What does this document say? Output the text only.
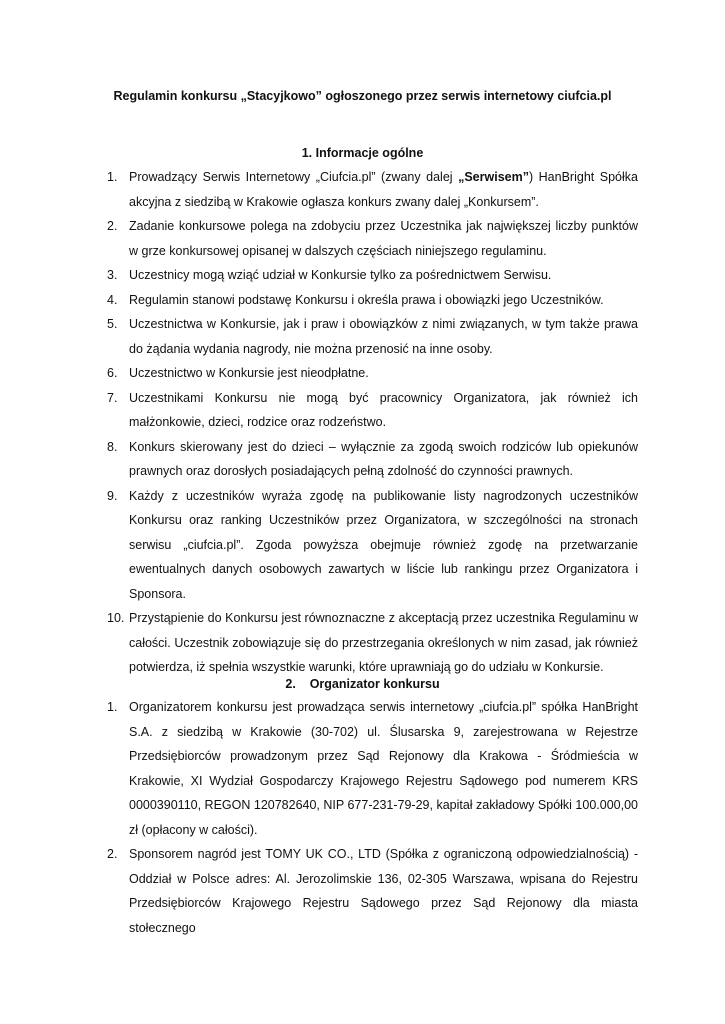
Regulamin konkursu „Stacyjkowo” ogłoszonego przez serwis internetowy ciufcia.pl
1. Informacje ogólne
1. Prowadzący Serwis Internetowy „Ciufcia.pl” (zwany dalej „Serwisem”) HanBright Spółka akcyjna z siedzibą w Krakowie ogłasza konkurs zwany dalej „Konkursem”.
2. Zadanie konkursowe polega na zdobyciu przez Uczestnika jak największej liczby punktów w grze konkursowej opisanej w dalszych częściach niniejszego regulaminu.
3. Uczestnicy mogą wziąć udział w Konkursie tylko za pośrednictwem Serwisu.
4. Regulamin stanowi podstawę Konkursu i określa prawa i obowiązki jego Uczestników.
5. Uczestnictwa w Konkursie, jak i praw i obowiązków z nimi związanych, w tym także prawa do żądania wydania nagrody, nie można przenosić na inne osoby.
6. Uczestnictwo w Konkursie jest nieodpłatne.
7. Uczestnikami Konkursu nie mogą być pracownicy Organizatora, jak również ich małżonkowie, dzieci, rodzice oraz rodzeństwo.
8. Konkurs skierowany jest do dzieci – wyłącznie za zgodą swoich rodziców lub opiekunów prawnych oraz dorosłych posiadających pełną zdolność do czynności prawnych.
9. Każdy z uczestników wyraża zgodę na publikowanie listy nagrodzonych uczestników Konkursu oraz ranking Uczestników przez Organizatora, w szczególności na stronach serwisu „ciufcia.pl”. Zgoda powyższa obejmuje również zgodę na przetwarzanie ewentualnych danych osobowych zawartych w liście lub rankingu przez Organizatora i Sponsora.
10. Przystąpienie do Konkursu jest równoznaczne z akceptacją przez uczestnika Regulaminu w całości. Uczestnik zobowiązuje się do przestrzegania określonych w nim zasad, jak również potwierdza, iż spełnia wszystkie warunki, które uprawniają go do udziału w Konkursie.
2.    Organizator konkursu
1. Organizatorem konkursu jest prowadząca serwis internetowy „ciufcia.pl” spółka HanBright S.A. z siedzibą w Krakowie (30-702) ul. Ślusarska 9, zarejestrowana w Rejestrze Przedsiębiorców prowadzonym przez Sąd Rejonowy dla Krakowa - Śródmieścia w Krakowie, XI Wydział Gospodarczy Krajowego Rejestru Sądowego pod numerem KRS 0000390110, REGON 120782640, NIP 677-231-79-29, kapitał zakładowy Spółki 100.000,00 zł (opłacony w całości).
2. Sponsorem nagród jest TOMY UK CO., LTD (Spółka z ograniczoną odpowiedzialnością) - Oddział w Polsce adres: Al. Jerozolimskie 136, 02-305 Warszawa, wpisana do Rejestru Przedsiębiorców Krajowego Rejestru Sądowego przez Sąd Rejonowy dla miasta stołecznego
